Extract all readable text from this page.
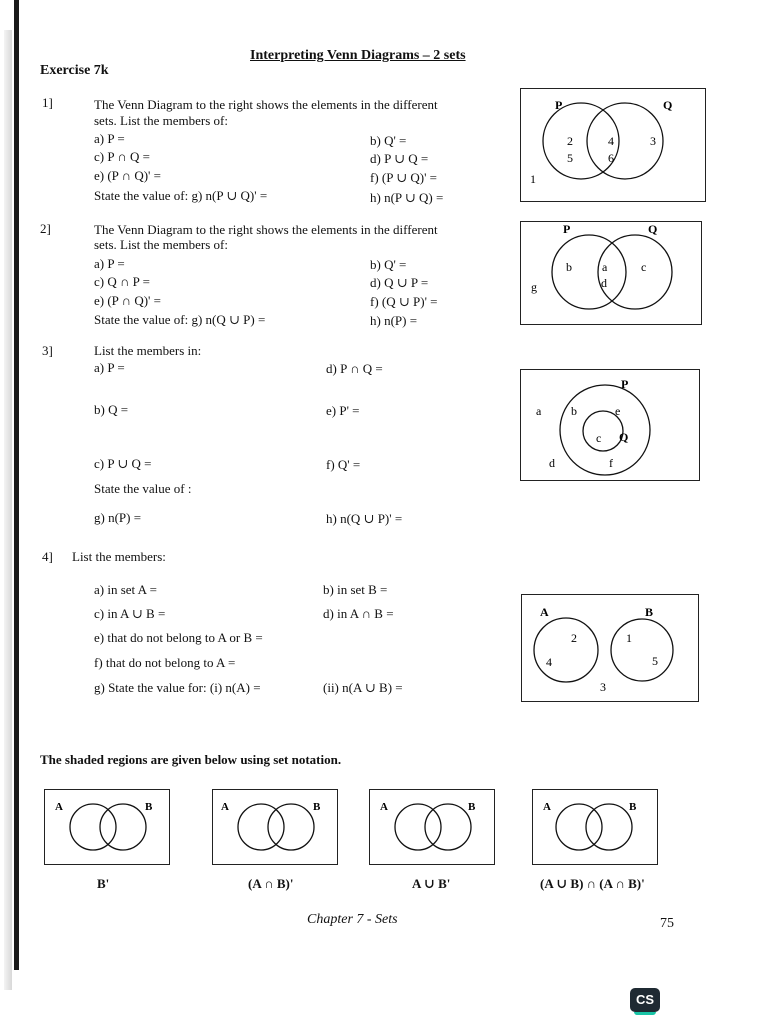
Interpreting Venn Diagrams – 2 sets
Exercise 7k
1]	The Venn Diagram to the right shows the elements in the different
sets. List the members of:
a) P =	b) Q' =
c) P ∩ Q =	d) P ∪ Q =
e) (P ∩ Q)' =	f) (P ∪ Q)' =
State the value of: g) n(P ∪ Q)' =	h) n(P ∪ Q) =
P	Q
2
5
4
6
3
1
2]	The Venn Diagram to the right shows the elements in the different
sets. List the members of:
a) P =	b) Q' =
c) Q ∩ P =	d) Q ∪ P =
e) (P ∩ Q)' =	f) (Q ∪ P)' =
State the value of: g) n(Q ∪ P) =	h) n(P) =
P	Q
b	a
d
c
g
3]	List the members in:
a) P =	d) P ∩ Q =
b) Q =	e) P' =
c) P ∪ Q =	f) Q' =
State the value of :
g) n(P) =	h) n(Q ∪ P)' =
P
Q
a b	e
c
d	f
4] List the members:
a) in set A =	b) in set B =
c) in A ∪ B =	d) in A ∩ B =
e) that do not belong to A or B =
f) that do not belong to A =
g) State the value for: (i) n(A) =	(ii) n(A ∪ B) =
A	B
2
4
1
5
3
The shaded regions are given below using set notation.
A	B	A	B	A	B	A	B
B'	(A ∩ B)'	A ∪ B'	(A ∪ B) ∩ (A ∩ B)'
Chapter 7 - Sets	75
CS
